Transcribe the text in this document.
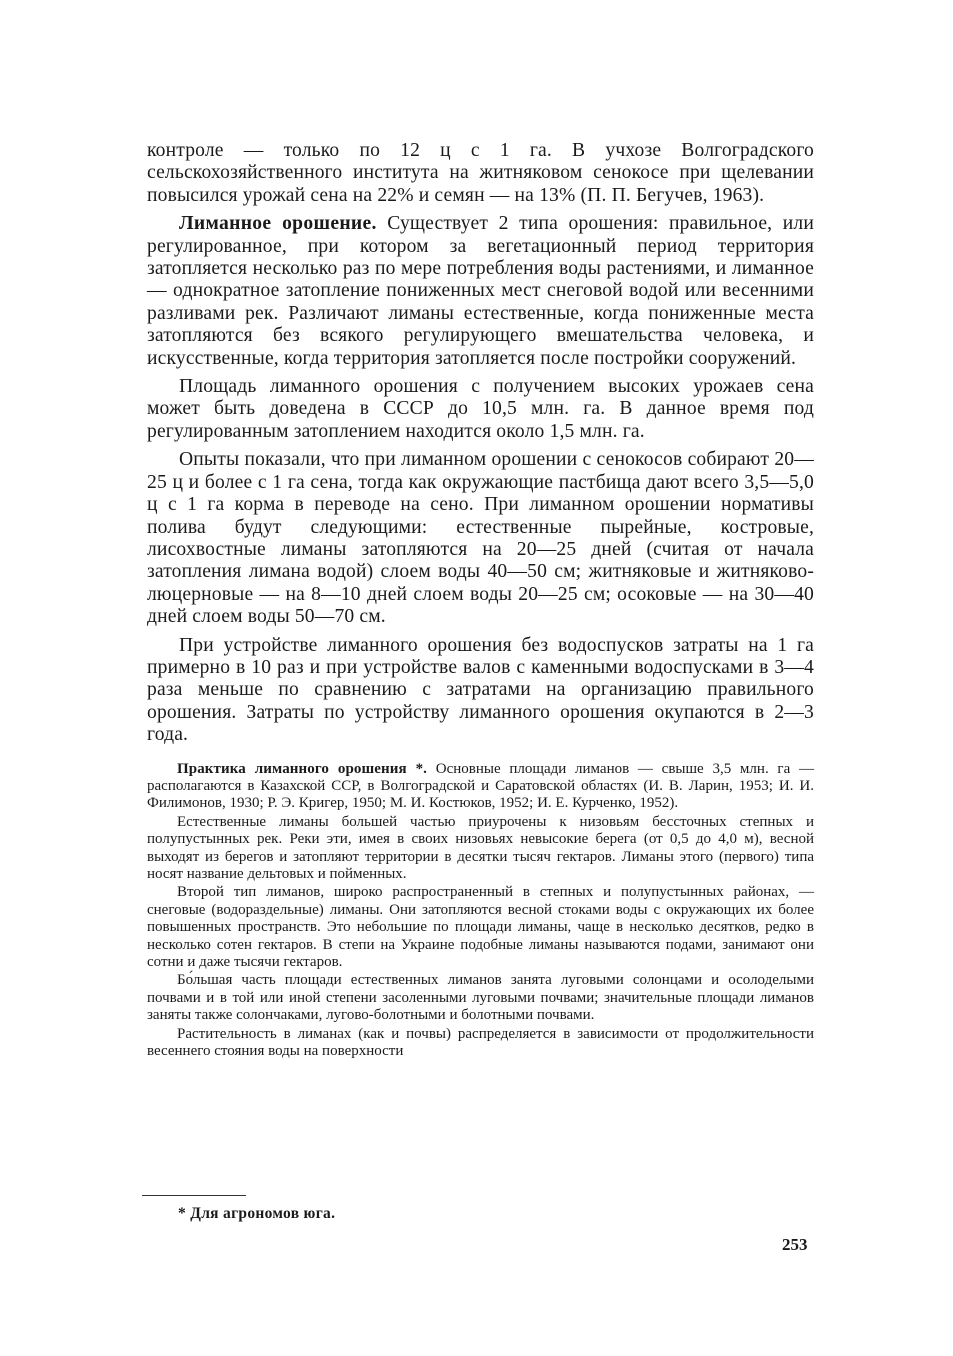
контроле — только по 12 ц с 1 га. В учхозе Волгоградского сельскохозяйственного института на житняковом сенокосе при щелевании повысился урожай сена на 22% и семян — на 13% (П. П. Бегучев, 1963).

Лиманное орошение. Существует 2 типа орошения: правильное, или регулированное, при котором за вегетационный период территория затопляется несколько раз по мере потребления воды растениями, и лиманное — однократное затопление пониженных мест снеговой водой или весенними разливами рек. Различают лиманы естественные, когда пониженные места затопляются без всякого регулирующего вмешательства человека, и искусственные, когда территория затопляется после постройки сооружений.

Площадь лиманного орошения с получением высоких урожаев сена может быть доведена в СССР до 10,5 млн. га. В данное время под регулированным затоплением находится около 1,5 млн. га.

Опыты показали, что при лиманном орошении с сенокосов собирают 20—25 ц и более с 1 га сена, тогда как окружающие пастбища дают всего 3,5—5,0 ц с 1 га корма в переводе на сено. При лиманном орошении нормативы полива будут следующими: естественные пырейные, костровые, лисохвостные лиманы затопляются на 20—25 дней (считая от начала затопления лимана водой) слоем воды 40—50 см; житняковые и житняково-люцерновые — на 8—10 дней слоем воды 20—25 см; осоковые — на 30—40 дней слоем воды 50—70 см.

При устройстве лиманного орошения без водоспусков затраты на 1 га примерно в 10 раз и при устройстве валов с каменными водоспусками в 3—4 раза меньше по сравнению с затратами на организацию правильного орошения. Затраты по устройству лиманного орошения окупаются в 2—3 года.

Практика лиманного орошения *. Основные площади лиманов — свыше 3,5 млн. га — располагаются в Казахской ССР, в Волгоградской и Саратовской областях (И. В. Ларин, 1953; И. И. Филимонов, 1930; Р. Э. Кригер, 1950; М. И. Костюков, 1952; И. Е. Курченко, 1952).

Естественные лиманы большей частью приурочены к низовьям бессточных степных и полупустынных рек. Реки эти, имея в своих низовьях невысокие берега (от 0,5 до 4,0 м), весной выходят из берегов и затопляют территории в десятки тысяч гектаров. Лиманы этого (первого) типа носят название дельтовых и пойменных.

Второй тип лиманов, широко распространенный в степных и полупустынных районах, — снеговые (водораздельные) лиманы. Они затопляются весной стоками воды с окружающих их более повышенных пространств. Это небольшие по площади лиманы, чаще в несколько десятков, редко в несколько сотен гектаров. В степи на Украине подобные лиманы называются подами, занимают они сотни и даже тысячи гектаров.

Бо́льшая часть площади естественных лиманов занята луговыми солонцами и осолоделыми почвами и в той или иной степени засоленными луговыми почвами; значительные площади лиманов заняты также солончаками, лугово-болотными и болотными почвами.

Растительность в лиманах (как и почвы) распределяется в зависимости от продолжительности весеннего стояния воды на поверхности

* Для агрономов юга.
253
